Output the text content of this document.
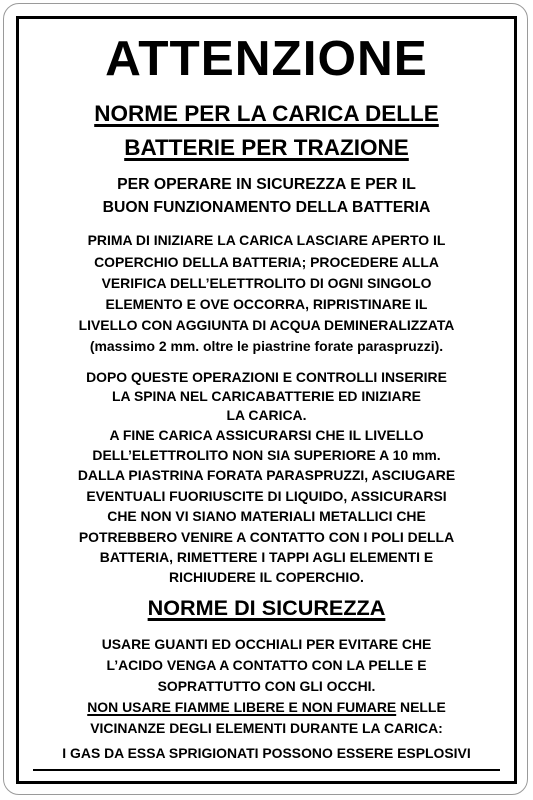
ATTENZIONE
NORME PER LA CARICA DELLE
BATTERIE PER TRAZIONE
PER OPERARE IN SICUREZZA E PER IL
BUON FUNZIONAMENTO DELLA BATTERIA
PRIMA DI INIZIARE LA CARICA LASCIARE APERTO IL
COPERCHIO DELLA BATTERIA; PROCEDERE ALLA
VERIFICA DELL’ELETTROLITO DI OGNI SINGOLO
ELEMENTO E OVE OCCORRA, RIPRISTINARE IL
LIVELLO CON AGGIUNTA DI ACQUA DEMINERALIZZATA
(massimo 2 mm. oltre le piastrine forate paraspruzzi).
DOPO QUESTE OPERAZIONI E CONTROLLI INSERIRE
LA SPINA NEL CARICABATTERIE ED INIZIARE
LA CARICA.
A FINE CARICA ASSICURARSI CHE IL LIVELLO
DELL’ELETTROLITO NON SIA SUPERIORE A 10 mm.
DALLA PIASTRINA FORATA PARASPRUZZI, ASCIUGARE
EVENTUALI FUORIUSCITE DI LIQUIDO, ASSICURARSI
CHE NON VI SIANO MATERIALI METALLICI CHE
POTREBBERO VENIRE A CONTATTO CON I POLI DELLA
BATTERIA, RIMETTERE I TAPPI AGLI ELEMENTI E
RICHIUDERE IL COPERCHIO.
NORME DI SICUREZZA
USARE GUANTI ED OCCHIALI PER EVITARE CHE
L’ACIDO VENGA A CONTATTO CON LA PELLE E
SOPRATTUTTO CON GLI OCCHI.
NON USARE FIAMME LIBERE E NON FUMARE NELLE
VICINANZE DEGLI ELEMENTI DURANTE LA CARICA:
I GAS DA ESSA SPRIGIONATI POSSONO ESSERE ESPLOSIVI
